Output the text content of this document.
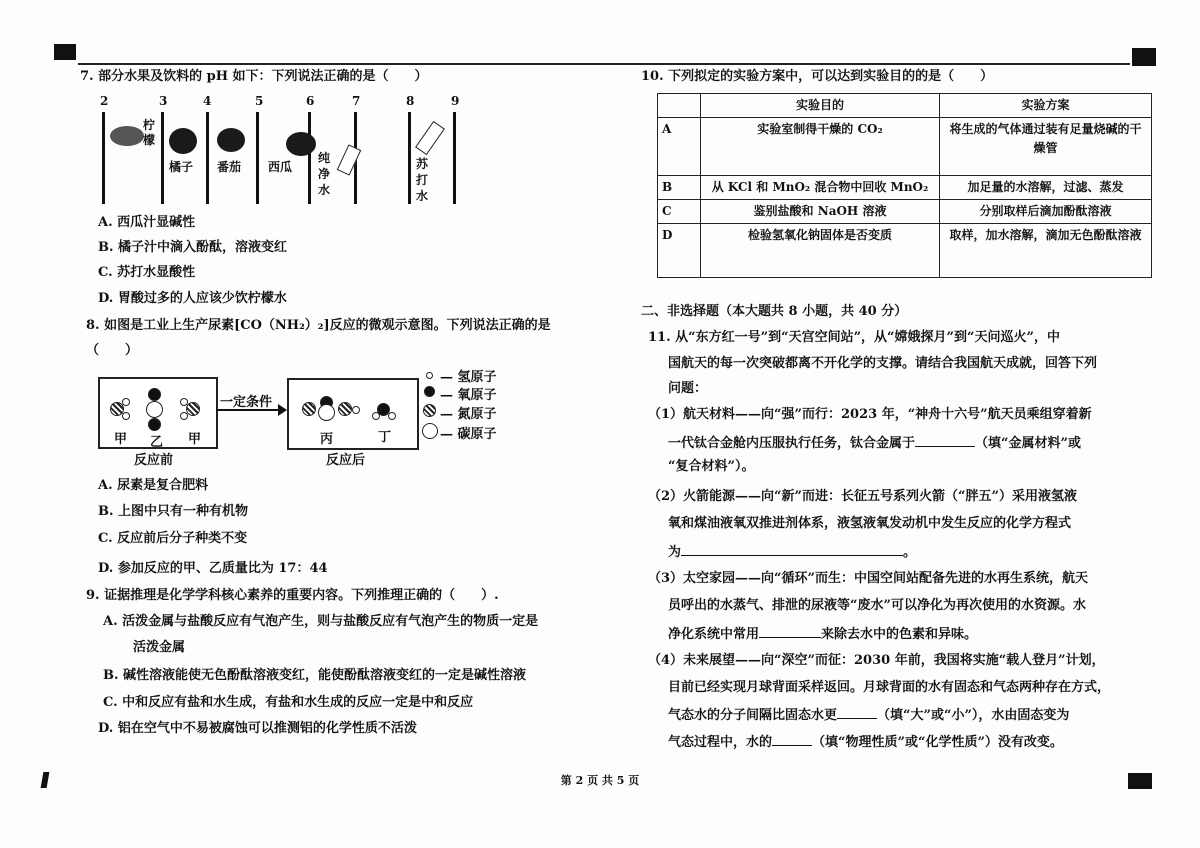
7. 部分水果及饮料的 pH 如下：下列说法正确的是（　　）
2	3	4	5	6	7	8	9
柠檬
橘子 番茄 西瓜
纯净水
苏打水
A. 西瓜汁显碱性
B. 橘子汁中滴入酚酞，溶液变红
C. 苏打水显酸性
D. 胃酸过多的人应该少饮柠檬水
8. 如图是工业上生产尿素[CO（NH₂）₂]反应的微观示意图。下列说法正确的是
（　　）
甲 乙 甲
反应前
一定条件
丙	丁
反应后
— 氢原子
— 氧原子
— 氮原子
— 碳原子
A. 尿素是复合肥料
B. 上图中只有一种有机物
C. 反应前后分子种类不变
D. 参加反应的甲、乙质量比为 17：44
9. 证据推理是化学学科核心素养的重要内容。下列推理正确的（　　）.
A. 活泼金属与盐酸反应有气泡产生，则与盐酸反应有气泡产生的物质一定是
活泼金属
B. 碱性溶液能使无色酚酞溶液变红，能使酚酞溶液变红的一定是碱性溶液
C. 中和反应有盐和水生成，有盐和水生成的反应一定是中和反应
D. 铝在空气中不易被腐蚀可以推测铝的化学性质不活泼
10. 下列拟定的实验方案中，可以达到实验目的的是（　　）
	实验目的	实验方案
A	实验室制得干燥的 CO₂	将生成的气体通过装有足量烧碱的干燥管
B	从 KCl 和 MnO₂ 混合物中回收 MnO₂	加足量的水溶解，过滤、蒸发
C	鉴别盐酸和 NaOH 溶液	分别取样后滴加酚酞溶液
D	检验氢氧化钠固体是否变质	取样，加水溶解，滴加无色酚酞溶液
二、非选择题（本大题共 8 小题，共 40 分）
11. 从“东方红一号”到“天宫空间站”，从“嫦娥探月”到“天问巡火”，中
国航天的每一次突破都离不开化学的支撑。请结合我国航天成就，回答下列
问题：
（1）航天材料——向“强”而行：2023 年，“神舟十六号”航天员乘组穿着新
一代钛合金舱内压服执行任务，钛合金属于	（填“金属材料”或
“复合材料”）。
（2）火箭能源——向“新”而进：长征五号系列火箭（“胖五”）采用液氢液
氧和煤油液氧双推进剂体系，液氢液氧发动机中发生反应的化学方程式
为	。
（3）太空家园——向“循环”而生：中国空间站配备先进的水再生系统，航天
员呼出的水蒸气、排泄的尿液等“废水”可以净化为再次使用的水资源。水
净化系统中常用	来除去水中的色素和异味。
（4）未来展望——向“深空”而征：2030 年前，我国将实施“载人登月”计划，
目前已经实现月球背面采样返回。月球背面的水有固态和气态两种存在方式，
气态水的分子间隔比固态水更	（填“大”或“小”），水由固态变为
气态过程中，水的	（填“物理性质”或“化学性质”）没有改变。
第 2 页 共 5 页
